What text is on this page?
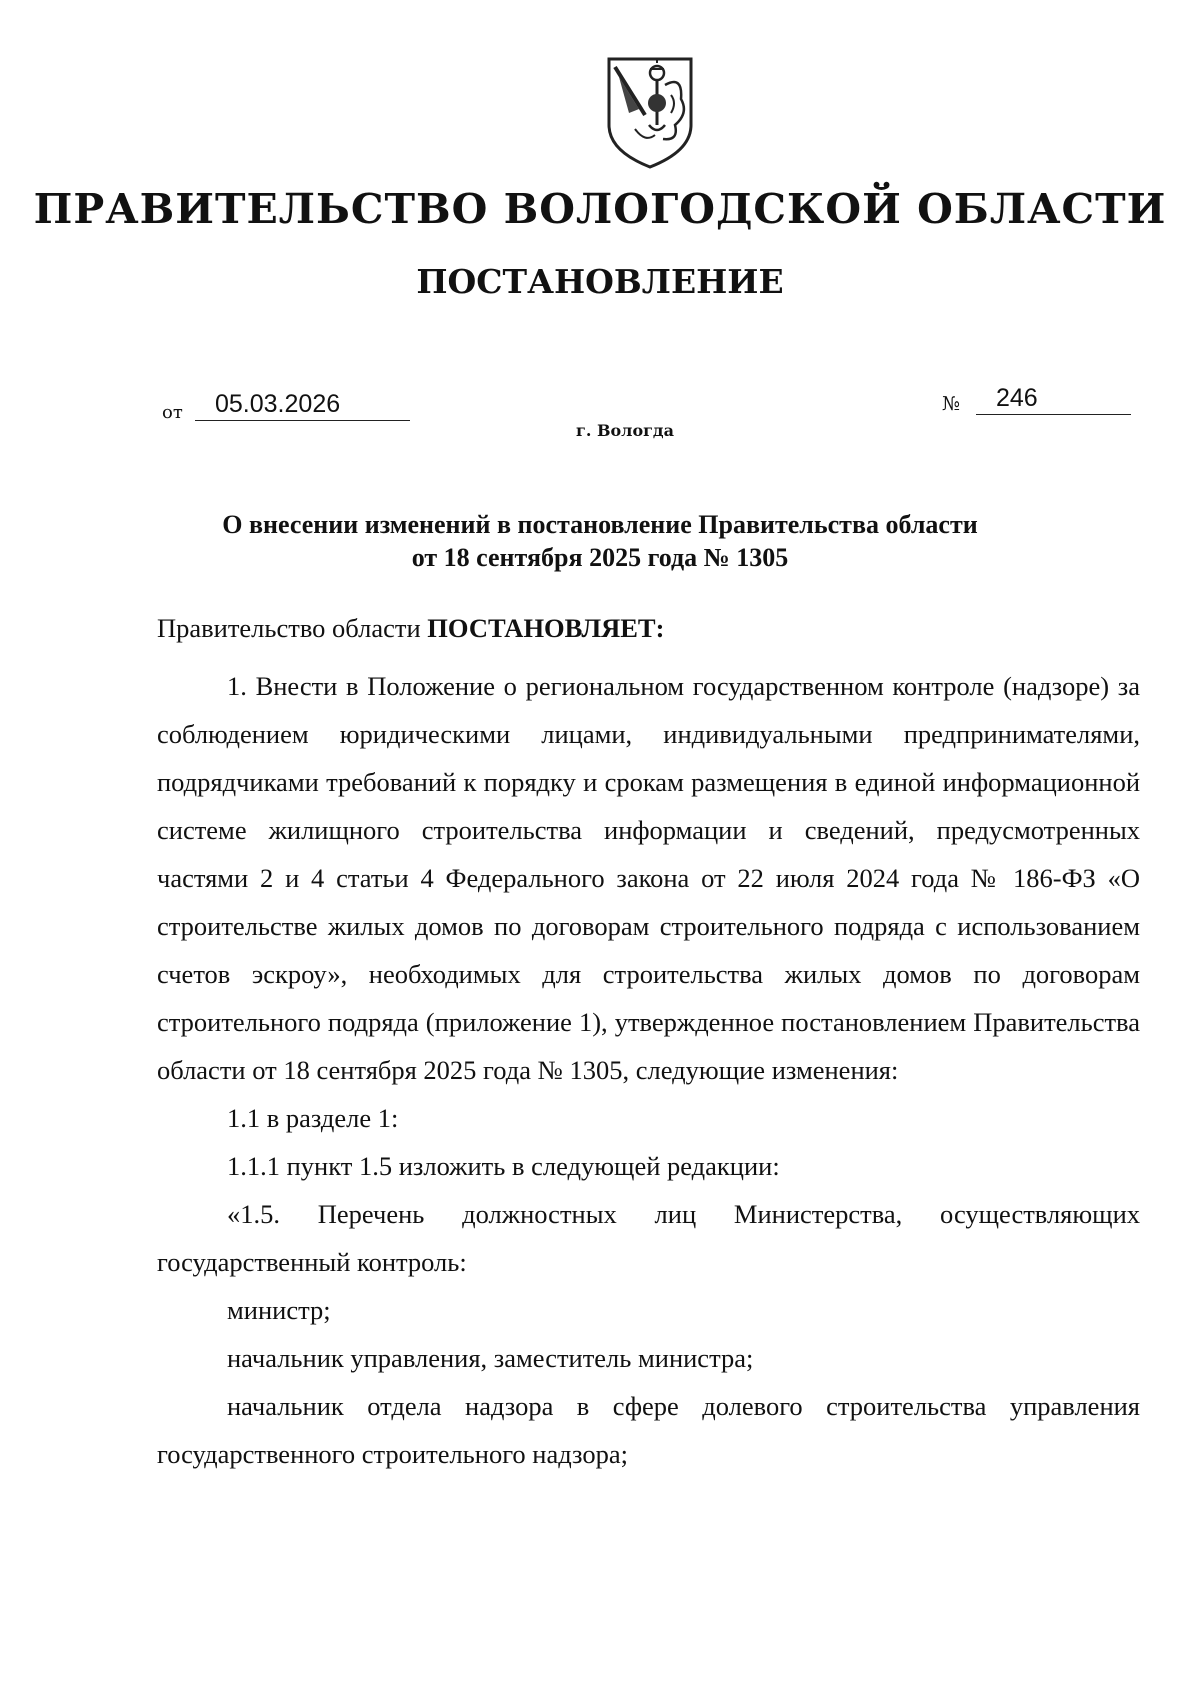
ПРАВИТЕЛЬСТВО ВОЛОГОДСКОЙ ОБЛАСТИ
ПОСТАНОВЛЕНИЕ
от 05.03.2026	№ 246
г. Вологда
О внесении изменений в постановление Правительства области
от 18 сентября 2025 года № 1305

Правительство области ПОСТАНОВЛЯЕТ:

1. Внести в Положение о региональном государственном контроле (надзоре) за соблюдением юридическими лицами, индивидуальными предпринимателями, подрядчиками требований к порядку и срокам размещения в единой информационной системе жилищного строительства информации и сведений, предусмотренных частями 2 и 4 статьи 4 Федерального закона от 22 июля 2024 года № 186-ФЗ «О строительстве жилых домов по договорам строительного подряда с использованием счетов эскроу», необходимых для строительства жилых домов по договорам строительного подряда (приложение 1), утвержденное постановлением Правительства области от 18 сентября 2025 года № 1305, следующие изменения:

1.1 в разделе 1:

1.1.1 пункт 1.5 изложить в следующей редакции:

«1.5. Перечень должностных лиц Министерства, осуществляющих государственный контроль:

министр;

начальник управления, заместитель министра;

начальник отдела надзора в сфере долевого строительства управления государственного строительного надзора;
